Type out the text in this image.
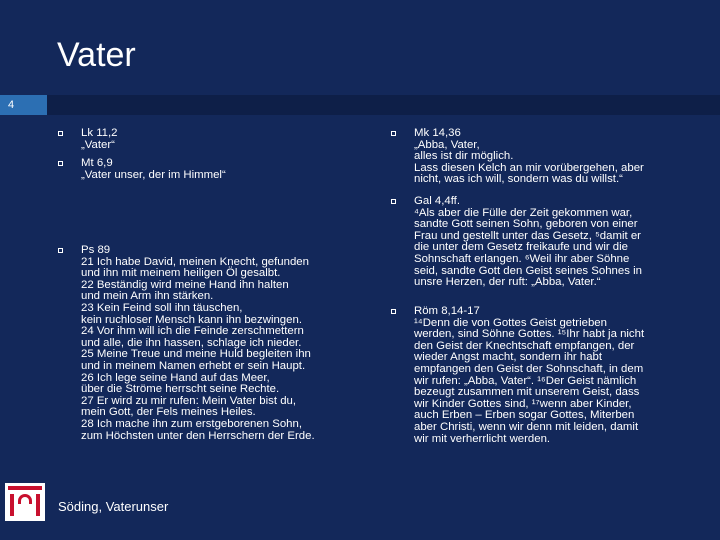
Vater
4
Lk 11,2
„Vater“
Mt 6,9
„Vater unser, der im Himmel“
Ps 89
21 Ich habe David, meinen Knecht, gefunden
und ihn mit meinem heiligen Öl gesalbt.
22 Beständig wird meine Hand ihn halten
und mein Arm ihn stärken.
23 Kein Feind soll ihn täuschen,
kein ruchloser Mensch kann ihn bezwingen.
24 Vor ihm will ich die Feinde zerschmettern
und alle, die ihn hassen, schlage ich nieder.
25 Meine Treue und meine Huld begleiten ihn
und in meinem Namen erhebt er sein Haupt.
26 Ich lege seine Hand auf das Meer,
über die Ströme herrscht seine Rechte.
27 Er wird zu mir rufen: Mein Vater bist du,
mein Gott, der Fels meines Heiles.
28 Ich mache ihn zum erstgeborenen Sohn,
zum Höchsten unter den Herrschern der Erde.
Mk 14,36
„Abba, Vater,
alles ist dir möglich.
Lass diesen Kelch an mir vorübergehen, aber
nicht, was ich will, sondern was du willst.“
Gal 4,4ff.
⁴Als aber die Fülle der Zeit gekommen war,
sandte Gott seinen Sohn, geboren von einer
Frau und gestellt unter das Gesetz, ⁵damit er
die unter dem Gesetz freikaufe und wir die
Sohnschaft erlangen. ⁶Weil ihr aber Söhne
seid, sandte Gott den Geist seines Sohnes in
unsre Herzen, der ruft: „Abba, Vater.“
Röm 8,14-17
¹⁴Denn die von Gottes Geist getrieben
werden, sind Söhne Gottes. ¹⁵Ihr habt ja nicht
den Geist der Knechtschaft empfangen, der
wieder Angst macht, sondern ihr habt
empfangen den Geist der Sohnschaft, in dem
wir rufen: „Abba, Vater“. ¹⁶Der Geist nämlich
bezeugt zusammen mit unserem Geist, dass
wir Kinder Gottes sind, ¹⁷wenn aber Kinder,
auch Erben – Erben sogar Gottes, Miterben
aber Christi, wenn wir denn mit leiden, damit
wir mit verherrlicht werden.
Söding, Vaterunser
